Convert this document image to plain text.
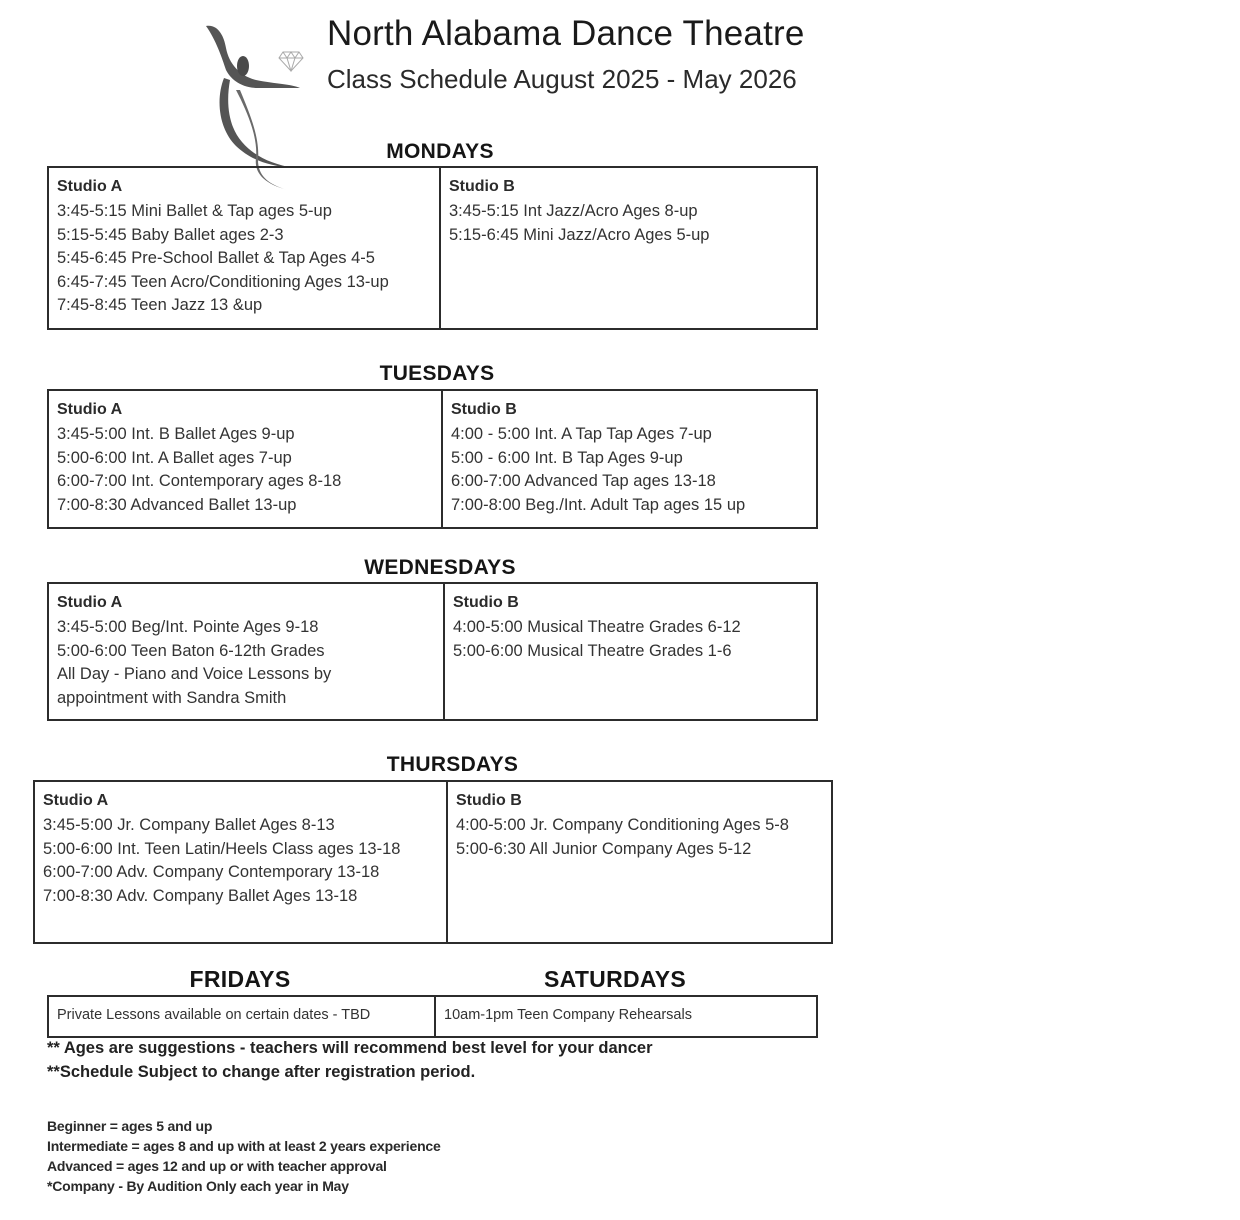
North Alabama Dance Theatre
Class Schedule August 2025 - May 2026
MONDAYS
Studio A
3:45-5:15 Mini Ballet & Tap ages 5-up
5:15-5:45 Baby Ballet ages 2-3
5:45-6:45 Pre-School Ballet & Tap Ages 4-5
6:45-7:45 Teen Acro/Conditioning Ages 13-up
7:45-8:45 Teen Jazz 13 &up
Studio B
3:45-5:15 Int Jazz/Acro Ages 8-up
5:15-6:45 Mini Jazz/Acro Ages 5-up
TUESDAYS
Studio A
3:45-5:00 Int. B Ballet Ages 9-up
5:00-6:00 Int. A Ballet ages 7-up
6:00-7:00 Int. Contemporary ages 8-18
7:00-8:30 Advanced Ballet 13-up
Studio B
4:00 - 5:00 Int. A Tap Tap Ages 7-up
5:00 - 6:00 Int. B Tap Ages 9-up
6:00-7:00 Advanced Tap ages 13-18
7:00-8:00 Beg./Int. Adult Tap ages 15 up
WEDNESDAYS
Studio A
3:45-5:00 Beg/Int. Pointe Ages 9-18
5:00-6:00 Teen Baton 6-12th Grades
All Day - Piano and Voice Lessons by appointment with Sandra Smith
Studio B
4:00-5:00 Musical Theatre Grades 6-12
5:00-6:00 Musical Theatre Grades 1-6
THURSDAYS
Studio A
3:45-5:00 Jr. Company Ballet Ages 8-13
5:00-6:00 Int. Teen Latin/Heels Class ages 13-18
6:00-7:00 Adv. Company Contemporary 13-18
7:00-8:30 Adv. Company Ballet Ages 13-18
Studio B
4:00-5:00 Jr. Company Conditioning Ages 5-8
5:00-6:30 All Junior Company Ages 5-12
FRIDAYS	SATURDAYS
Private Lessons available on certain dates - TBD	10am-1pm Teen Company Rehearsals
** Ages are suggestions - teachers will recommend best level for your dancer
**Schedule Subject to change after registration period.
Beginner = ages 5 and up
Intermediate = ages 8 and up with at least 2 years experience
Advanced = ages 12 and up or with teacher approval
*Company - By Audition Only each year in May
